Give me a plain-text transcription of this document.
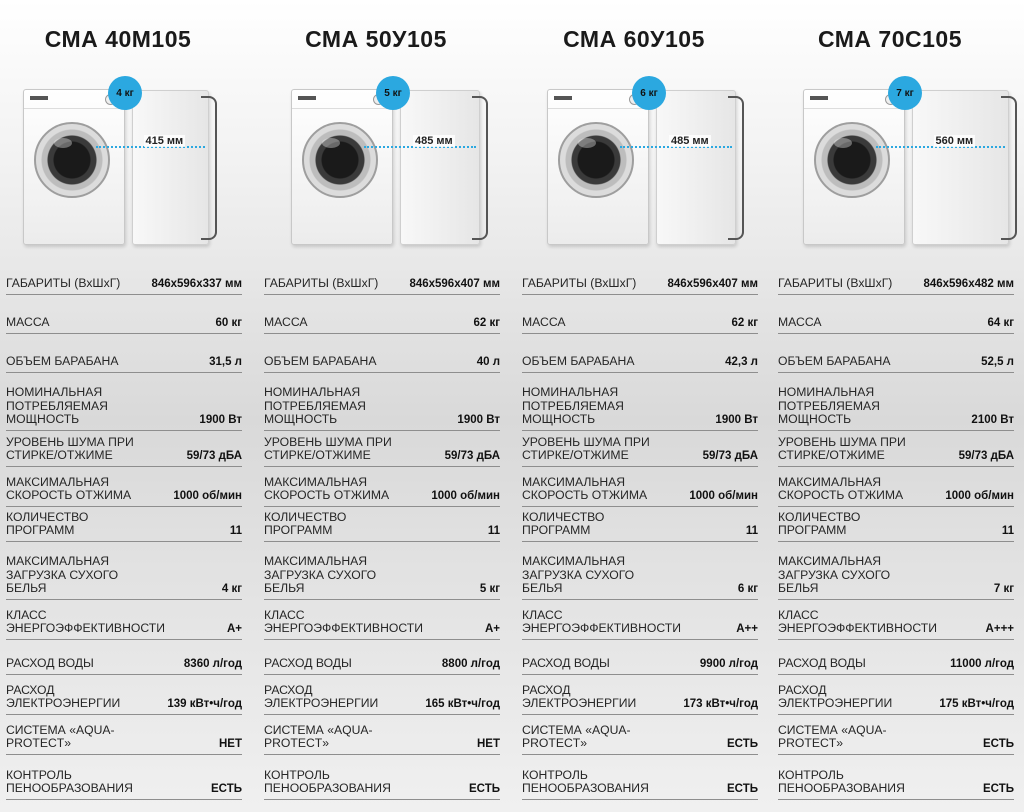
СМА 40М105
415 мм
4 кг
ГАБАРИТЫ (ВхШхГ)	846x596x337 мм
МАССА	60 кг
ОБЪЕМ БАРАБАНА	31,5 л
НОМИНАЛЬНАЯ ПОТРЕБЛЯЕМАЯ МОЩНОСТЬ	1900 Вт
УРОВЕНЬ ШУМА ПРИ СТИРКЕ/ОТЖИМЕ	59/73 дБА
МАКСИМАЛЬНАЯ СКОРОСТЬ ОТЖИМА	1000 об/мин
КОЛИЧЕСТВО ПРОГРАММ	11
МАКСИМАЛЬНАЯ ЗАГРУЗКА СУХОГО БЕЛЬЯ	4 кг
КЛАСС ЭНЕРГОЭФФЕКТИВНОСТИ	А+
РАСХОД ВОДЫ	8360 л/год
РАСХОД ЭЛЕКТРОЭНЕРГИИ	139 кВт•ч/год
СИСТЕМА «AQUA-PROTECT»	НЕТ
КОНТРОЛЬ ПЕНООБРАЗОВАНИЯ	ЕСТЬ
СМА 50У105
485 мм
5 кг
ГАБАРИТЫ (ВхШхГ)	846x596x407 мм
МАССА	62 кг
ОБЪЕМ БАРАБАНА	40 л
НОМИНАЛЬНАЯ ПОТРЕБЛЯЕМАЯ МОЩНОСТЬ	1900 Вт
УРОВЕНЬ ШУМА ПРИ СТИРКЕ/ОТЖИМЕ	59/73 дБА
МАКСИМАЛЬНАЯ СКОРОСТЬ ОТЖИМА	1000 об/мин
КОЛИЧЕСТВО ПРОГРАММ	11
МАКСИМАЛЬНАЯ ЗАГРУЗКА СУХОГО БЕЛЬЯ	5 кг
КЛАСС ЭНЕРГОЭФФЕКТИВНОСТИ	А+
РАСХОД ВОДЫ	8800 л/год
РАСХОД ЭЛЕКТРОЭНЕРГИИ	165 кВт•ч/год
СИСТЕМА «AQUA-PROTECT»	НЕТ
КОНТРОЛЬ ПЕНООБРАЗОВАНИЯ	ЕСТЬ
СМА 60У105
485 мм
6 кг
ГАБАРИТЫ (ВхШхГ)	846x596x407 мм
МАССА	62 кг
ОБЪЕМ БАРАБАНА	42,3 л
НОМИНАЛЬНАЯ ПОТРЕБЛЯЕМАЯ МОЩНОСТЬ	1900 Вт
УРОВЕНЬ ШУМА ПРИ СТИРКЕ/ОТЖИМЕ	59/73 дБА
МАКСИМАЛЬНАЯ СКОРОСТЬ ОТЖИМА	1000 об/мин
КОЛИЧЕСТВО ПРОГРАММ	11
МАКСИМАЛЬНАЯ ЗАГРУЗКА СУХОГО БЕЛЬЯ	6 кг
КЛАСС ЭНЕРГОЭФФЕКТИВНОСТИ	А++
РАСХОД ВОДЫ	9900 л/год
РАСХОД ЭЛЕКТРОЭНЕРГИИ	173 кВт•ч/год
СИСТЕМА «AQUA-PROTECT»	ЕСТЬ
КОНТРОЛЬ ПЕНООБРАЗОВАНИЯ	ЕСТЬ
СМА 70С105
560 мм
7 кг
ГАБАРИТЫ (ВхШхГ)	846x596x482 мм
МАССА	64 кг
ОБЪЕМ БАРАБАНА	52,5 л
НОМИНАЛЬНАЯ ПОТРЕБЛЯЕМАЯ МОЩНОСТЬ	2100 Вт
УРОВЕНЬ ШУМА ПРИ СТИРКЕ/ОТЖИМЕ	59/73 дБА
МАКСИМАЛЬНАЯ СКОРОСТЬ ОТЖИМА	1000 об/мин
КОЛИЧЕСТВО ПРОГРАММ	11
МАКСИМАЛЬНАЯ ЗАГРУЗКА СУХОГО БЕЛЬЯ	7 кг
КЛАСС ЭНЕРГОЭФФЕКТИВНОСТИ	А+++
РАСХОД ВОДЫ	11000 л/год
РАСХОД ЭЛЕКТРОЭНЕРГИИ	175 кВт•ч/год
СИСТЕМА «AQUA-PROTECT»	ЕСТЬ
КОНТРОЛЬ ПЕНООБРАЗОВАНИЯ	ЕСТЬ
